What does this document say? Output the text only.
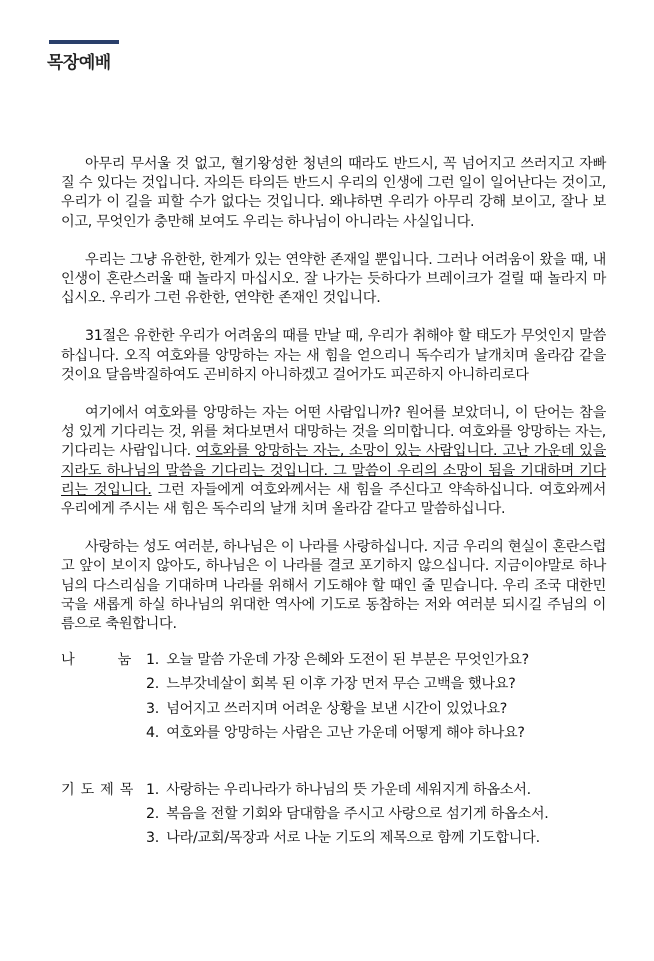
목장예배

아무리 무서울 것 없고, 혈기왕성한 청년의 때라도 반드시, 꼭 넘어지고 쓰러지고 자빠질 수 있다는 것입니다. 자의든 타의든 반드시 우리의 인생에 그런 일이 일어난다는 것이고, 우리가 이 길을 피할 수가 없다는 것입니다. 왜냐하면 우리가 아무리 강해 보이고, 잘나 보이고, 무엇인가 충만해 보여도 우리는 하나님이 아니라는 사실입니다.

우리는 그냥 유한한, 한계가 있는 연약한 존재일 뿐입니다. 그러나 어려움이 왔을 때, 내 인생이 혼란스러울 때 놀라지 마십시오. 잘 나가는 듯하다가 브레이크가 걸릴 때 놀라지 마십시오. 우리가 그런 유한한, 연약한 존재인 것입니다.

31절은 유한한 우리가 어려움의 때를 만날 때, 우리가 취해야 할 태도가 무엇인지 말씀하십니다. 오직 여호와를 앙망하는 자는 새 힘을 얻으리니 독수리가 날개치며 올라감 같을 것이요 달음박질하여도 곤비하지 아니하겠고 걸어가도 피곤하지 아니하리로다

여기에서 여호와를 앙망하는 자는 어떤 사람입니까? 원어를 보았더니, 이 단어는 참을성 있게 기다리는 것, 위를 쳐다보면서 대망하는 것을 의미합니다. 여호와를 앙망하는 자는, 기다리는 사람입니다. 여호와를 앙망하는 자는, 소망이 있는 사람입니다. 고난 가운데 있을지라도 하나님의 말씀을 기다리는 것입니다. 그 말씀이 우리의 소망이 됨을 기대하며 기다리는 것입니다. 그런 자들에게 여호와께서는 새 힘을 주신다고 약속하십니다. 여호와께서 우리에게 주시는 새 힘은 독수리의 날개 치며 올라감 같다고 말씀하십니다.

사랑하는 성도 여러분, 하나님은 이 나라를 사랑하십니다. 지금 우리의 현실이 혼란스럽고 앞이 보이지 않아도, 하나님은 이 나라를 결코 포기하지 않으십니다. 지금이야말로 하나님의 다스리심을 기대하며 나라를 위해서 기도해야 할 때인 줄 믿습니다. 우리 조국 대한민국을 새롭게 하실 하나님의 위대한 역사에 기도로 동참하는 저와 여러분 되시길 주님의 이름으로 축원합니다.

나	눔 1. 오늘 말씀 가운데 가장 은혜와 도전이 된 부분은 무엇인가요?
2. 느부갓네살이 회복 된 이후 가장 먼저 무슨 고백을 했나요?
3. 넘어지고 쓰러지며 어려운 상황을 보낸 시간이 있었나요?
4. 여호와를 앙망하는 사람은 고난 가운데 어떻게 해야 하나요?
기 도 제 목 1. 사랑하는 우리나라가 하나님의 뜻 가운데 세워지게 하옵소서.
2. 복음을 전할 기회와 담대함을 주시고 사랑으로 섬기게 하옵소서.
3. 나라/교회/목장과 서로 나눈 기도의 제목으로 함께 기도합니다.
